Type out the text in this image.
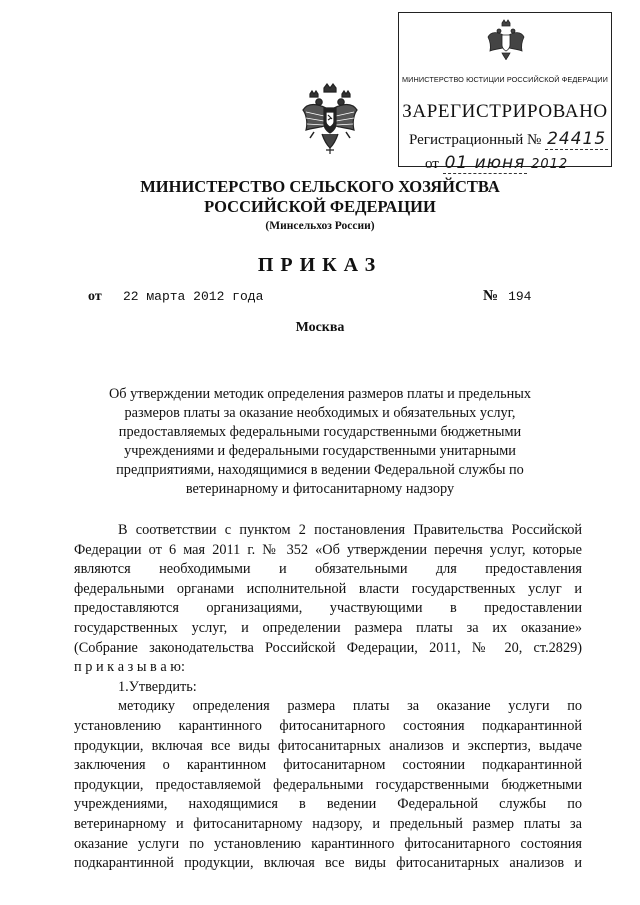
МИНИСТЕРСТВО ЮСТИЦИИ РОССИЙСКОЙ ФЕДЕРАЦИИ
ЗАРЕГИСТРИРОВАНО
Регистрационный № 24415
от 01 июня 2012
МИНИСТЕРСТВО СЕЛЬСКОГО ХОЗЯЙСТВА
РОССИЙСКОЙ ФЕДЕРАЦИИ
(Минсельхоз России)
ПРИКАЗ
от 22 марта 2012 года	№ 194
Москва
Об утверждении методик определения размеров платы и предельных
размеров платы за оказание необходимых и обязательных услуг,
предоставляемых федеральными государственными бюджетными
учреждениями и федеральными государственными унитарными
предприятиями, находящимися в ведении Федеральной службы по
ветеринарному и фитосанитарному надзору
В соответствии с пунктом 2 постановления Правительства Российской
Федерации от 6 мая 2011 г. № 352 «Об утверждении перечня услуг, которые
являются необходимыми и обязательными для предоставления
федеральными органами исполнительной власти государственных услуг и
предоставляются организациями, участвующими в предоставлении
государственных услуг, и определении размера платы за их оказание»
(Собрание законодательства Российской Федерации, 2011, № 20, ст.2829)
п р и к а з ы в а ю:
1.Утвердить:
методику определения размера платы за оказание услуги по
установлению карантинного фитосанитарного состояния подкарантинной
продукции, включая все виды фитосанитарных анализов и экспертиз, выдаче
заключения о карантинном фитосанитарном состоянии подкарантинной
продукции, предоставляемой федеральными государственными бюджетными
учреждениями, находящимися в ведении Федеральной службы по
ветеринарному и фитосанитарному надзору, и предельный размер платы за
оказание услуги по установлению карантинного фитосанитарного состояния
подкарантинной продукции, включая все виды фитосанитарных анализов и
